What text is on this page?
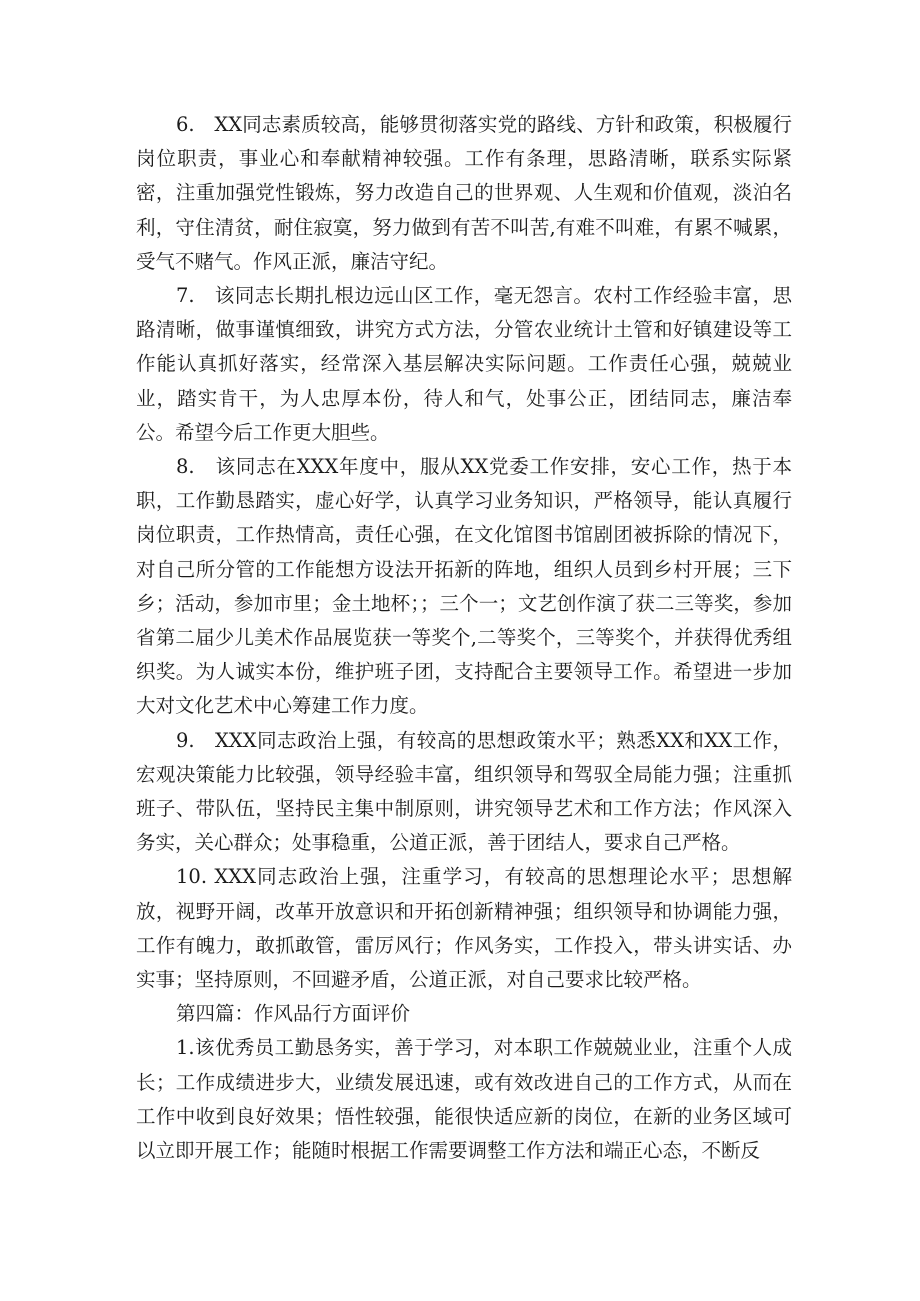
6.　XX同志素质较高，能够贯彻落实党的路线、方针和政策，积极履行岗位职责，事业心和奉献精神较强。工作有条理，思路清晰，联系实际紧密，注重加强党性锻炼，努力改造自己的世界观、人生观和价值观，淡泊名利，守住清贫，耐住寂寞，努力做到有苦不叫苦,有难不叫难，有累不喊累，受气不赌气。作风正派，廉洁守纪。

7.　该同志长期扎根边远山区工作，毫无怨言。农村工作经验丰富，思路清晰，做事谨慎细致，讲究方式方法，分管农业统计土管和好镇建设等工作能认真抓好落实，经常深入基层解决实际问题。工作责任心强，兢兢业业，踏实肯干，为人忠厚本份，待人和气，处事公正，团结同志，廉洁奉公。希望今后工作更大胆些。

8.　该同志在XXX年度中，服从XX党委工作安排，安心工作，热于本职，工作勤恳踏实，虚心好学，认真学习业务知识，严格领导，能认真履行岗位职责，工作热情高，责任心强，在文化馆图书馆剧团被拆除的情况下，对自己所分管的工作能想方设法开拓新的阵地，组织人员到乡村开展；三下乡；活动，参加市里；金土地杯；；三个一；文艺创作演了获二三等奖，参加省第二届少儿美术作品展览获一等奖个,二等奖个，三等奖个，并获得优秀组织奖。为人诚实本份，维护班子团，支持配合主要领导工作。希望进一步加大对文化艺术中心筹建工作力度。

9.　XXX同志政治上强，有较高的思想政策水平；熟悉XX和XX工作，宏观决策能力比较强，领导经验丰富，组织领导和驾驭全局能力强；注重抓班子、带队伍，坚持民主集中制原则，讲究领导艺术和工作方法；作风深入务实，关心群众；处事稳重，公道正派，善于团结人，要求自己严格。

10. XXX同志政治上强，注重学习，有较高的思想理论水平；思想解放，视野开阔，改革开放意识和开拓创新精神强；组织领导和协调能力强，工作有魄力，敢抓敢管，雷厉风行；作风务实，工作投入，带头讲实话、办实事；坚持原则，不回避矛盾，公道正派，对自己要求比较严格。

第四篇：作风品行方面评价

1.该优秀员工勤恳务实，善于学习，对本职工作兢兢业业，注重个人成长；工作成绩进步大，业绩发展迅速，或有效改进自己的工作方式，从而在工作中收到良好效果；悟性较强，能很快适应新的岗位，在新的业务区域可以立即开展工作；能随时根据工作需要调整工作方法和端正心态，不断反
